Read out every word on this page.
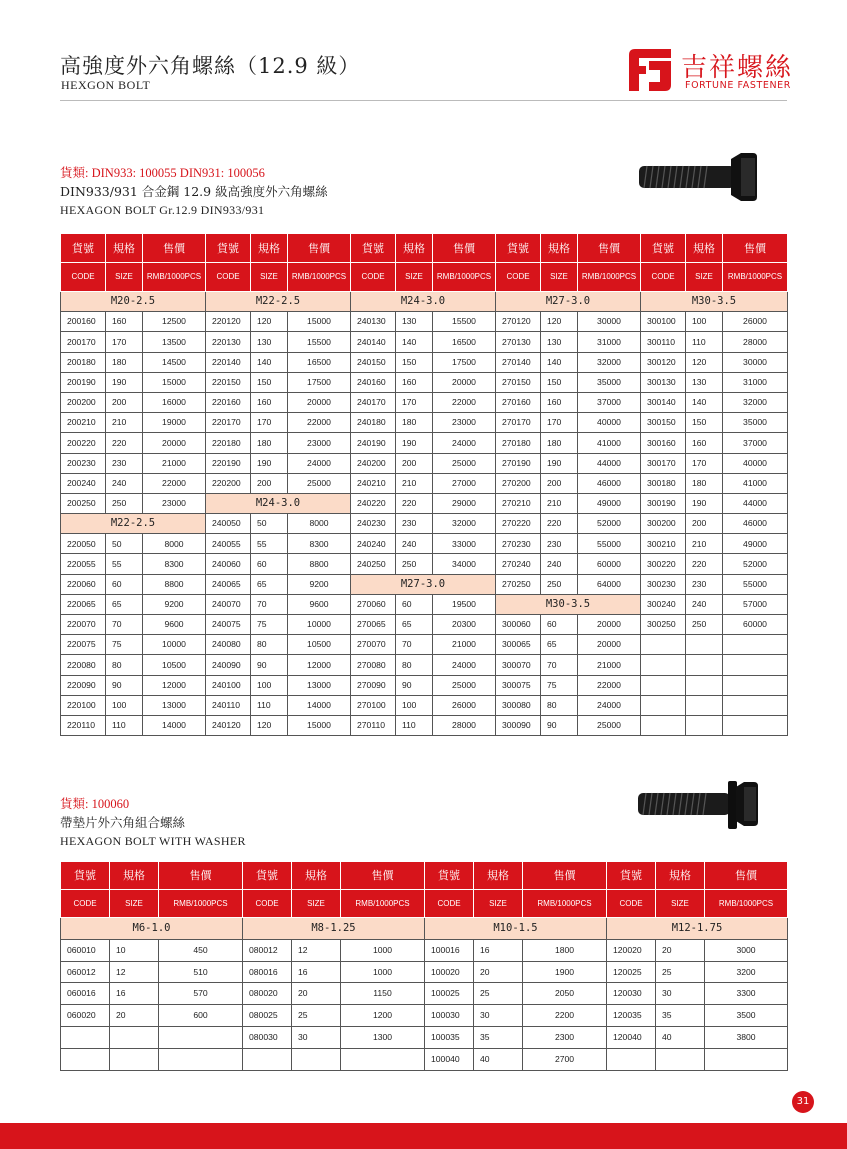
高強度外六角螺絲（12.9 級）
HEXGON BOLT
吉祥螺絲
FORTUNE FASTENER
貨類: DIN933: 100055 DIN931: 100056
DIN933/931 合金鋼 12.9 級高強度外六角螺絲
HEXAGON BOLT Gr.12.9 DIN933/931
貨號	規格	售價	貨號	規格	售價	貨號	規格	售價	貨號	規格	售價	貨號	規格	售價
CODE	SIZE	RMB/1000PCS	CODE	SIZE	RMB/1000PCS	CODE	SIZE	RMB/1000PCS	CODE	SIZE	RMB/1000PCS	CODE	SIZE	RMB/1000PCS
M20-2.5			M22-2.5			M24-3.0			M27-3.0			M30-3.5		
200160	160	12500	220120	120	15000	240130	130	15500	270120	120	30000	300100	100	26000
200170	170	13500	220130	130	15500	240140	140	16500	270130	130	31000	300110	110	28000
200180	180	14500	220140	140	16500	240150	150	17500	270140	140	32000	300120	120	30000
200190	190	15000	220150	150	17500	240160	160	20000	270150	150	35000	300130	130	31000
200200	200	16000	220160	160	20000	240170	170	22000	270160	160	37000	300140	140	32000
200210	210	19000	220170	170	22000	240180	180	23000	270170	170	40000	300150	150	35000
200220	220	20000	220180	180	23000	240190	190	24000	270180	180	41000	300160	160	37000
200230	230	21000	220190	190	24000	240200	200	25000	270190	190	44000	300170	170	40000
200240	240	22000	220200	200	25000	240210	210	27000	270200	200	46000	300180	180	41000
200250	250	23000	M24-3.0			240220	220	29000	270210	210	49000	300190	190	44000
M22-2.5			240050	50	8000	240230	230	32000	270220	220	52000	300200	200	46000
220050	50	8000	240055	55	8300	240240	240	33000	270230	230	55000	300210	210	49000
220055	55	8300	240060	60	8800	240250	250	34000	270240	240	60000	300220	220	52000
220060	60	8800	240065	65	9200	M27-3.0			270250	250	64000	300230	230	55000
220065	65	9200	240070	70	9600	270060	60	19500	M30-3.5			300240	240	57000
220070	70	9600	240075	75	10000	270065	65	20300	300060	60	20000	300250	250	60000
220075	75	10000	240080	80	10500	270070	70	21000	300065	65	20000			
220080	80	10500	240090	90	12000	270080	80	24000	300070	70	21000			
220090	90	12000	240100	100	13000	270090	90	25000	300075	75	22000			
220100	100	13000	240110	110	14000	270100	100	26000	300080	80	24000			
220110	110	14000	240120	120	15000	270110	110	28000	300090	90	25000			
貨類: 100060
帶墊片外六角組合螺絲
HEXAGON BOLT WITH WASHER
貨號	規格	售價	貨號	規格	售價	貨號	規格	售價	貨號	規格	售價
CODE	SIZE	RMB/1000PCS	CODE	SIZE	RMB/1000PCS	CODE	SIZE	RMB/1000PCS	CODE	SIZE	RMB/1000PCS
M6-1.0			M8-1.25			M10-1.5			M12-1.75		
060010	10	450	080012	12	1000	100016	16	1800	120020	20	3000
060012	12	510	080016	16	1000	100020	20	1900	120025	25	3200
060016	16	570	080020	20	1150	100025	25	2050	120030	30	3300
060020	20	600	080025	25	1200	100030	30	2200	120035	35	3500
			080030	30	1300	100035	35	2300	120040	40	3800
						100040	40	2700			
31
